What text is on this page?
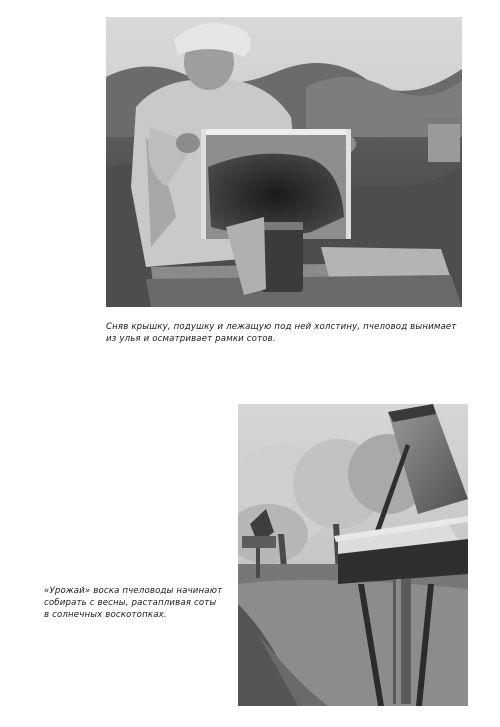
Сняв крышку, подушку и лежащую под ней холстину, пчеловод вынимает из улья и осматривает рамки сотов.

«Урожай» воска пчеловоды начинают собирать с весны, растапливая соты в солнечных воскотопках.
